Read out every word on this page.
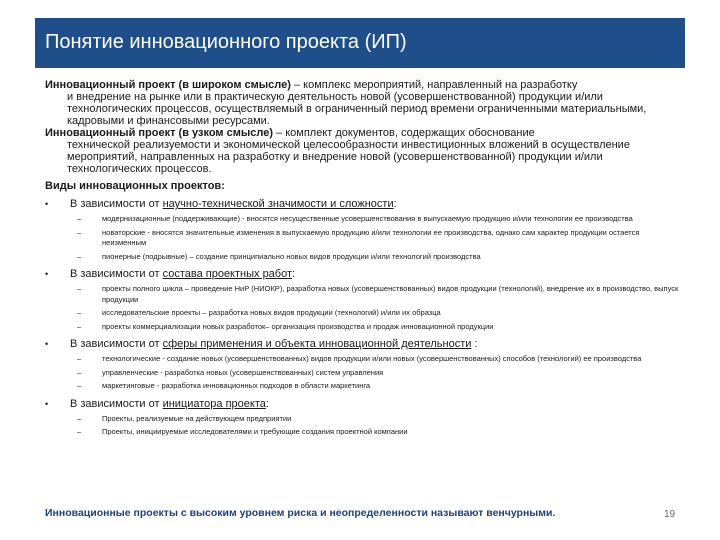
Понятие инновационного проекта (ИП)

Инновационный проект (в широком смысле) – комплекс мероприятий, направленный на разработку
и внедрение на рынке или в практическую деятельность новой (усовершенствованной) продукции и/или технологических процессов, осуществляемый в ограниченный период времени ограниченными материальными, кадровыми и финансовыми ресурсами.

Инновационный проект (в узком смысле) – комплект документов, содержащих обоснование
технической реализуемости и экономической целесообразности инвестиционных вложений в осуществление мероприятий, направленных на разработку и внедрение новой (усовершенствованной) продукции и/или технологических процессов.

Виды инновационных проектов:
• В зависимости от научно-технической значимости и сложности:
–	модернизационные (поддерживающие) - вносятся несущественные усовершенствования в выпускаемую продукцию и/или технологии ее производства
–	новаторские - вносятся значительные изменения в выпускаемую продукцию и/или технологии ее производства, однако сам характер продукции остается неизменным
–	пионерные (подрывные) – создание принципиально новых видов продукции и/или технологий производства
• В зависимости от состава проектных работ:
–	проекты полного цикла – проведение НиР (НИОКР), разработка новых (усовершенствованных) видов продукции (технологий), внедрение их в производство, выпуск продукции
–	исследовательские проекты – разработка новых видов продукции (технологий) и/или их образца
–	проекты коммерциализации новых разработок– организация производства и продаж инновационной продукции
• В зависимости от сферы применения и объекта инновационной деятельности :
–	технологические - создание новых (усовершенствованных) видов продукции и/или новых (усовершенствованных) способов (технологий) ее производства
–	управленческие - разработка новых (усовершенствованных) систем управления
–	маркетинговые - разработка инновационных подходов в области маркетинга
• В зависимости от инициатора проекта:
–	Проекты, реализуемые на действующем предприятии
–	Проекты, инициируемые исследователями и требующие создания проектной компании
Инновационные проекты с высоким уровнем риска и неопределенности называют венчурными.	19
